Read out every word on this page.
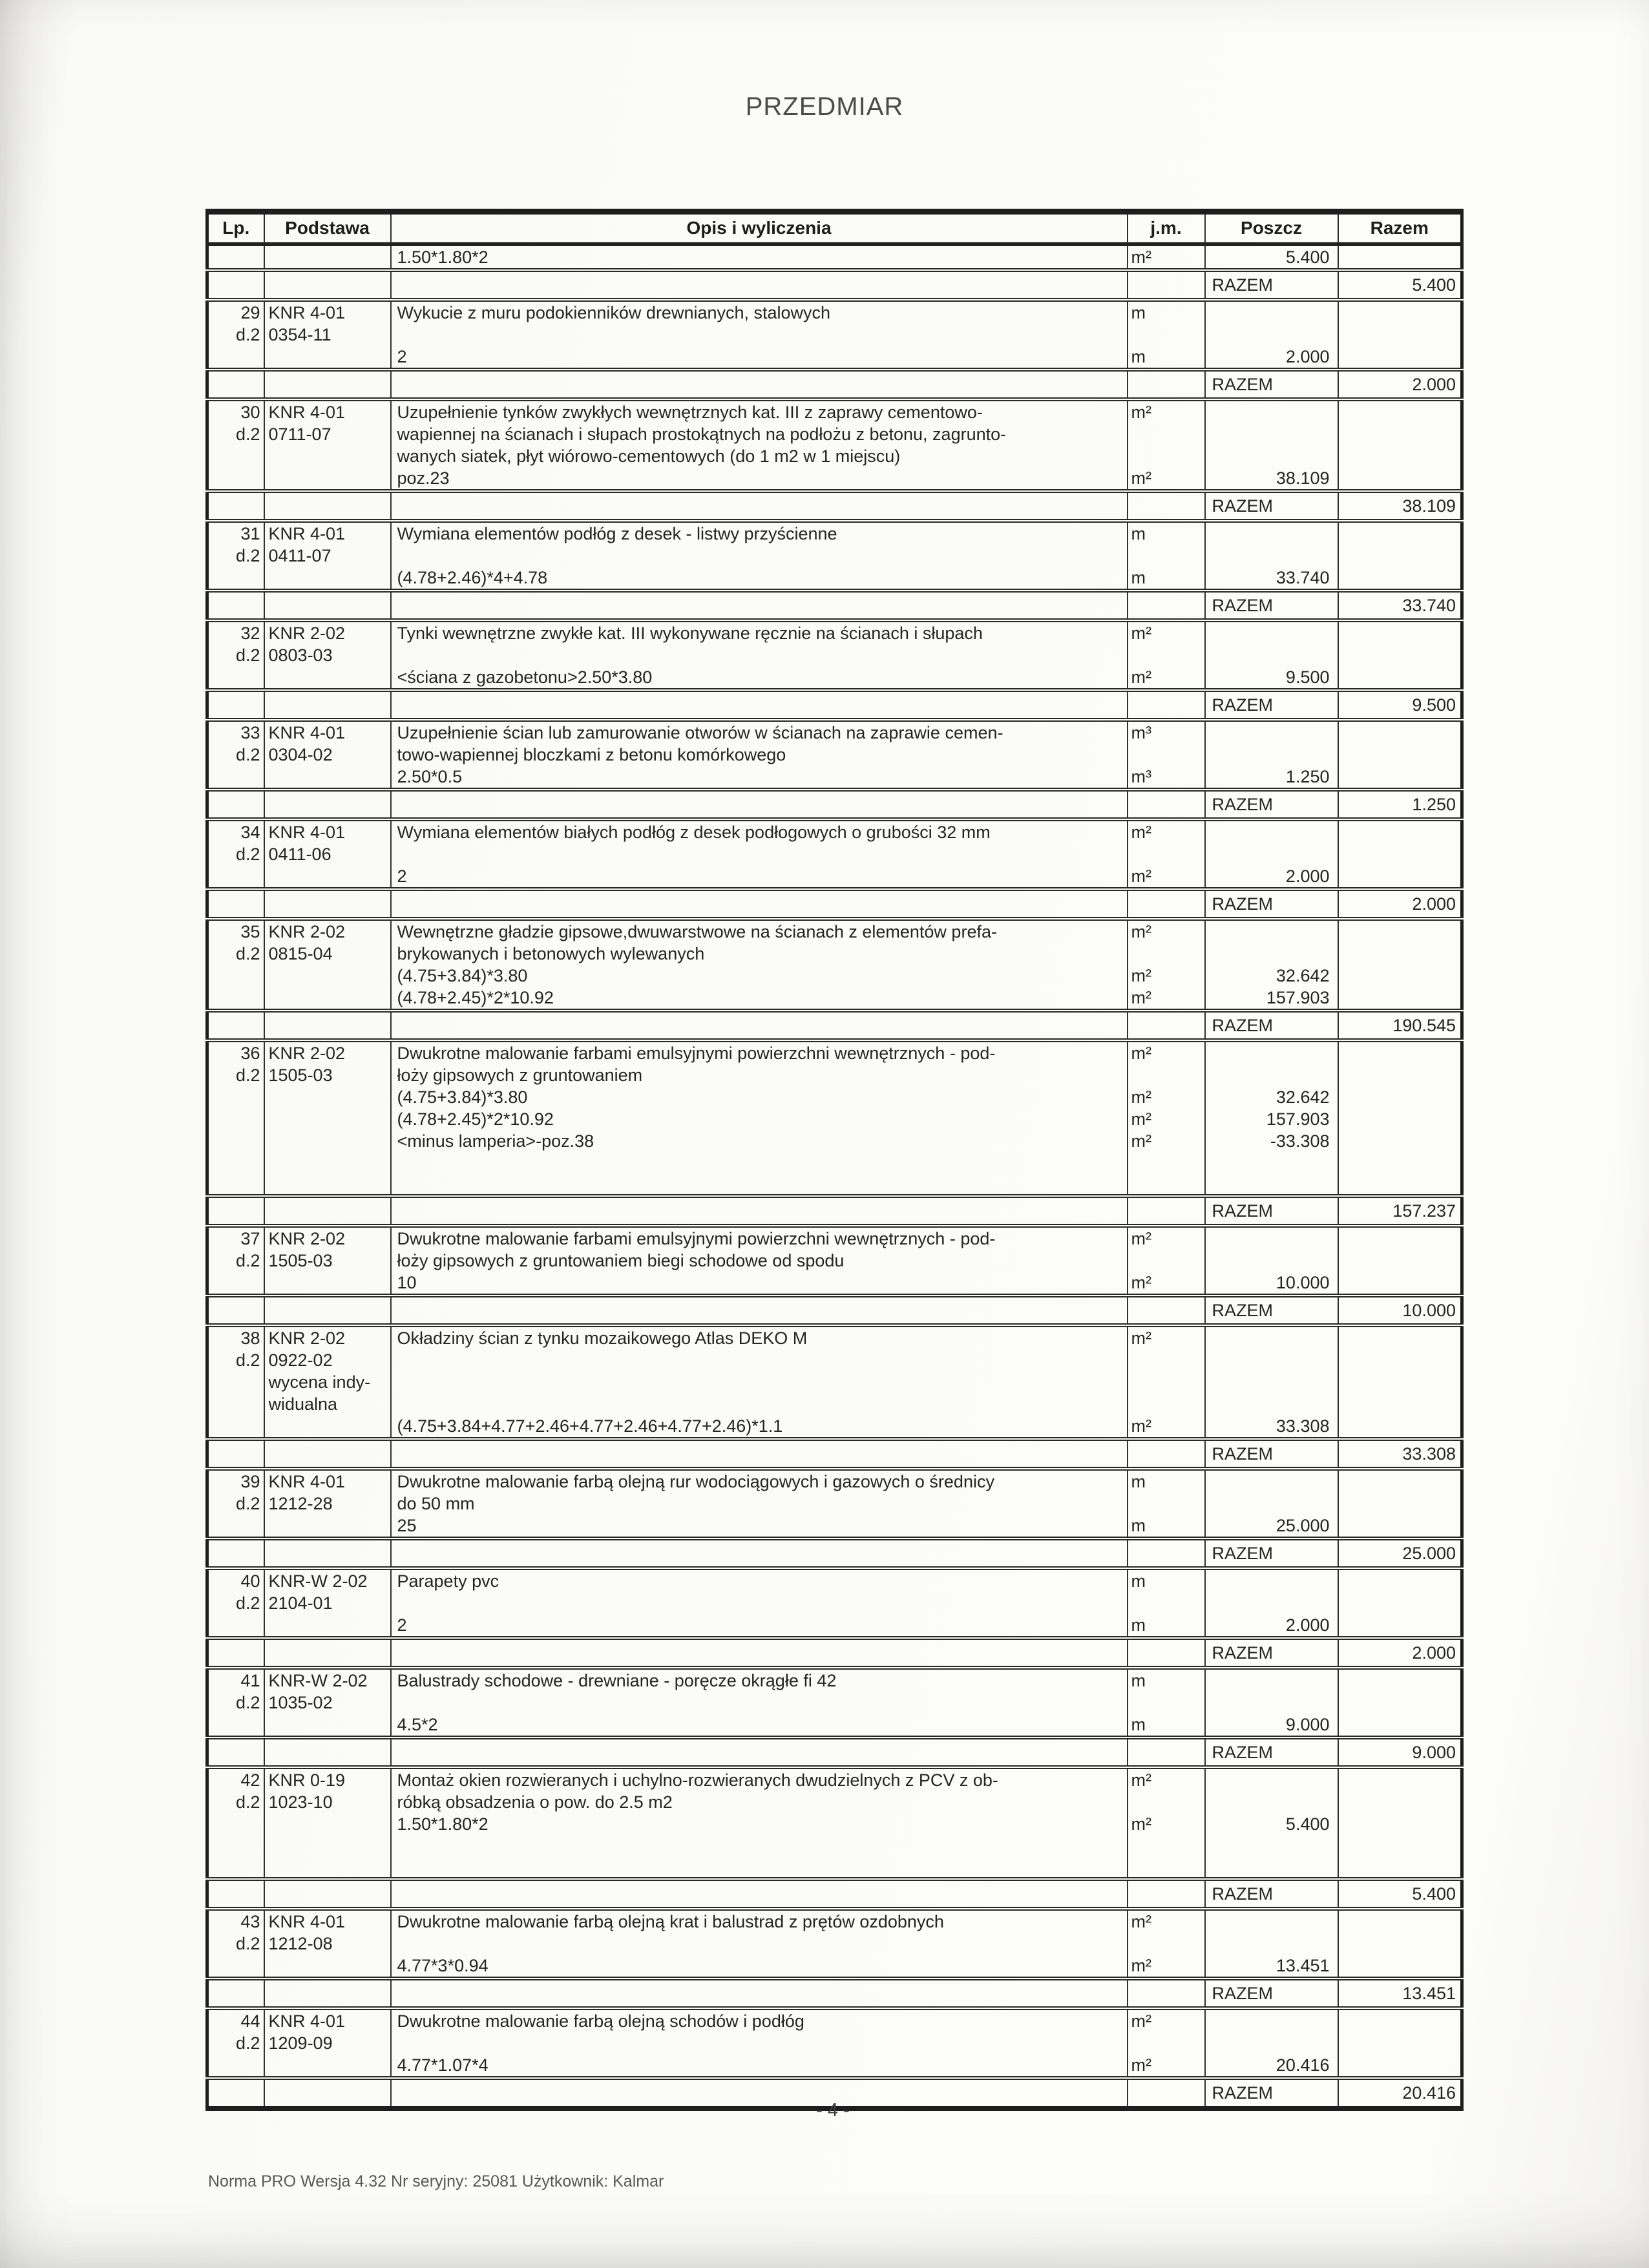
PRZEDMIAR
Lp.	Podstawa	Opis i wyliczenia	j.m.	Poszcz	Razem
		1.50*1.80*2	m²	5.400	
				RAZEM	5.400
29	KNR 4-01	Wykucie z muru podokienników drewnianych, stalowych	m		
d.2	0354-11				
		2	m	2.000	
				RAZEM	2.000
30	KNR 4-01	Uzupełnienie tynków zwykłych wewnętrznych kat. III z zaprawy cementowo-	m²		
d.2	0711-07	wapiennej na ścianach i słupach prostokątnych na podłożu z betonu, zagrunto-			
		wanych siatek, płyt wiórowo-cementowych (do 1 m2 w 1 miejscu)			
		poz.23	m²	38.109	
				RAZEM	38.109
31	KNR 4-01	Wymiana elementów podłóg z desek - listwy przyścienne	m		
d.2	0411-07				
		(4.78+2.46)*4+4.78	m	33.740	
				RAZEM	33.740
32	KNR 2-02	Tynki wewnętrzne zwykłe kat. III wykonywane ręcznie na ścianach i słupach	m²		
d.2	0803-03				
		<ściana z gazobetonu>2.50*3.80	m²	9.500	
				RAZEM	9.500
33	KNR 4-01	Uzupełnienie ścian lub zamurowanie otworów w ścianach na zaprawie cemen-	m³		
d.2	0304-02	towo-wapiennej bloczkami z betonu komórkowego			
		2.50*0.5	m³	1.250	
				RAZEM	1.250
34	KNR 4-01	Wymiana elementów białych podłóg z desek podłogowych o grubości 32 mm	m²		
d.2	0411-06				
		2	m²	2.000	
				RAZEM	2.000
35	KNR 2-02	Wewnętrzne gładzie gipsowe,dwuwarstwowe na ścianach z elementów prefa-	m²		
d.2	0815-04	brykowanych i betonowych wylewanych			
		(4.75+3.84)*3.80	m²	32.642	
		(4.78+2.45)*2*10.92	m²	157.903	
				RAZEM	190.545
36	KNR 2-02	Dwukrotne malowanie farbami emulsyjnymi powierzchni wewnętrznych - pod-	m²		
d.2	1505-03	łoży gipsowych z gruntowaniem			
		(4.75+3.84)*3.80	m²	32.642	
		(4.78+2.45)*2*10.92	m²	157.903	
		<minus lamperia>-poz.38	m²	-33.308	

				RAZEM	157.237
37	KNR 2-02	Dwukrotne malowanie farbami emulsyjnymi powierzchni wewnętrznych - pod-	m²		
d.2	1505-03	łoży gipsowych z gruntowaniem biegi schodowe od spodu			
		10	m²	10.000	
				RAZEM	10.000
38	KNR 2-02	Okładziny ścian z tynku mozaikowego Atlas DEKO M	m²		
d.2	0922-02				
	wycena indy-				
	widualna				
		(4.75+3.84+4.77+2.46+4.77+2.46+4.77+2.46)*1.1	m²	33.308	
				RAZEM	33.308
39	KNR 4-01	Dwukrotne malowanie farbą olejną rur wodociągowych i gazowych o średnicy	m		
d.2	1212-28	do 50 mm			
		25	m	25.000	
				RAZEM	25.000
40	KNR-W 2-02	Parapety pvc	m		
d.2	2104-01				
		2	m	2.000	
				RAZEM	2.000
41	KNR-W 2-02	Balustrady schodowe - drewniane - poręcze okrągłe fi 42	m		
d.2	1035-02				
		4.5*2	m	9.000	
				RAZEM	9.000
42	KNR 0-19	Montaż okien rozwieranych i uchylno-rozwieranych dwudzielnych z PCV z ob-	m²		
d.2	1023-10	róbką obsadzenia o pow. do 2.5 m2			
		1.50*1.80*2	m²	5.400	

				RAZEM	5.400
43	KNR 4-01	Dwukrotne malowanie farbą olejną krat i balustrad z prętów ozdobnych	m²		
d.2	1212-08				
		4.77*3*0.94	m²	13.451	
				RAZEM	13.451
44	KNR 4-01	Dwukrotne malowanie farbą olejną schodów i podłóg	m²		
d.2	1209-09				
		4.77*1.07*4	m²	20.416	
				RAZEM	20.416
- 4 -
Norma PRO Wersja 4.32 Nr seryjny: 25081 Użytkownik: Kalmar
